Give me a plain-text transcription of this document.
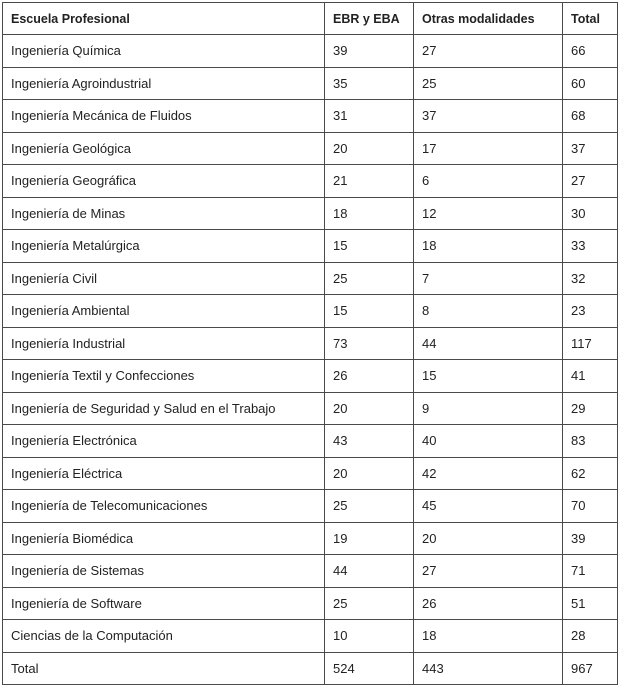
Escuela Profesional	EBR y EBA	Otras modalidades	Total
Ingeniería Química	39	27	66
Ingeniería Agroindustrial	35	25	60
Ingeniería Mecánica de Fluidos	31	37	68
Ingeniería Geológica	20	17	37
Ingeniería Geográfica	21	6	27
Ingeniería de Minas	18	12	30
Ingeniería Metalúrgica	15	18	33
Ingeniería Civil	25	7	32
Ingeniería Ambiental	15	8	23
Ingeniería Industrial	73	44	117
Ingeniería Textil y Confecciones	26	15	41
Ingeniería de Seguridad y Salud en el Trabajo	20	9	29
Ingeniería Electrónica	43	40	83
Ingeniería Eléctrica	20	42	62
Ingeniería de Telecomunicaciones	25	45	70
Ingeniería Biomédica	19	20	39
Ingeniería de Sistemas	44	27	71
Ingeniería de Software	25	26	51
Ciencias de la Computación	10	18	28
Total	524	443	967
